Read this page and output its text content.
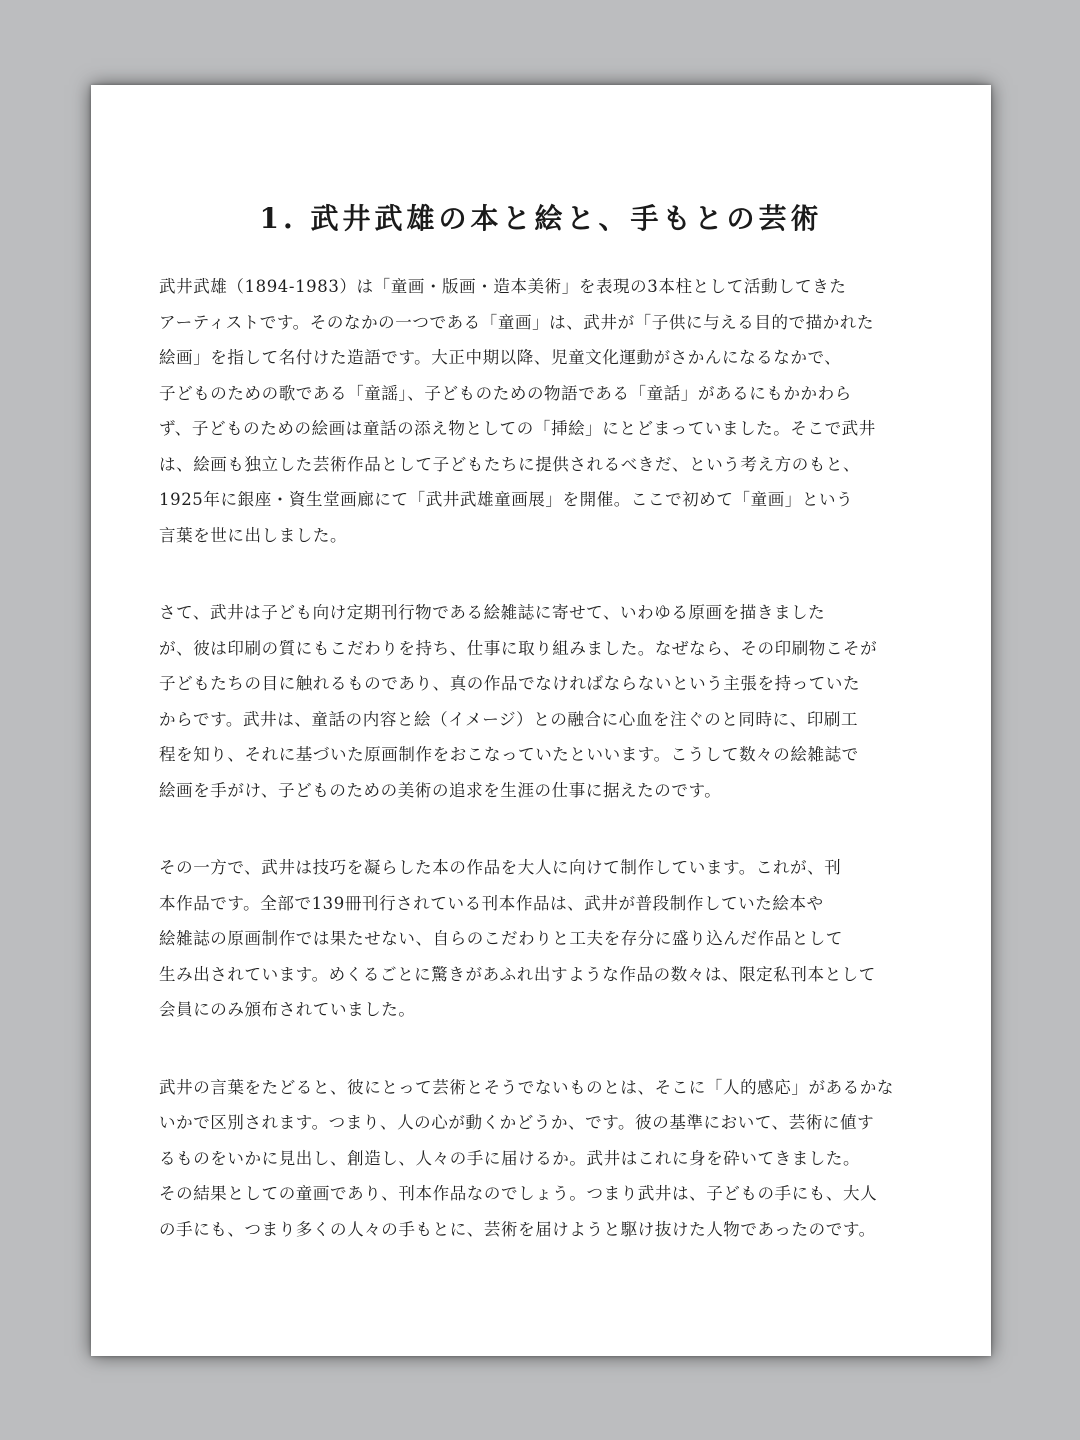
1. 武井武雄の本と絵と、手もとの芸術

武井武雄（1894-1983）は「童画・版画・造本美術」を表現の3本柱として活動してきた
アーティストです。そのなかの一つである「童画」は、武井が「子供に与える目的で描かれた
絵画」を指して名付けた造語です。大正中期以降、児童文化運動がさかんになるなかで、
子どものための歌である「童謡」、子どものための物語である「童話」があるにもかかわら
ず、子どものための絵画は童話の添え物としての「挿絵」にとどまっていました。そこで武井
は、絵画も独立した芸術作品として子どもたちに提供されるべきだ、という考え方のもと、
1925年に銀座・資生堂画廊にて「武井武雄童画展」を開催。ここで初めて「童画」という
言葉を世に出しました。

さて、武井は子ども向け定期刊行物である絵雑誌に寄せて、いわゆる原画を描きました
が、彼は印刷の質にもこだわりを持ち、仕事に取り組みました。なぜなら、その印刷物こそが
子どもたちの目に触れるものであり、真の作品でなければならないという主張を持っていた
からです。武井は、童話の内容と絵（イメージ）との融合に心血を注ぐのと同時に、印刷工
程を知り、それに基づいた原画制作をおこなっていたといいます。こうして数々の絵雑誌で
絵画を手がけ、子どものための美術の追求を生涯の仕事に据えたのです。

その一方で、武井は技巧を凝らした本の作品を大人に向けて制作しています。これが、刊
本作品です。全部で139冊刊行されている刊本作品は、武井が普段制作していた絵本や
絵雑誌の原画制作では果たせない、自らのこだわりと工夫を存分に盛り込んだ作品として
生み出されています。めくるごとに驚きがあふれ出すような作品の数々は、限定私刊本として
会員にのみ頒布されていました。

武井の言葉をたどると、彼にとって芸術とそうでないものとは、そこに「人的感応」があるかな
いかで区別されます。つまり、人の心が動くかどうか、です。彼の基準において、芸術に値す
るものをいかに見出し、創造し、人々の手に届けるか。武井はこれに身を砕いてきました。
その結果としての童画であり、刊本作品なのでしょう。つまり武井は、子どもの手にも、大人
の手にも、つまり多くの人々の手もとに、芸術を届けようと駆け抜けた人物であったのです。
